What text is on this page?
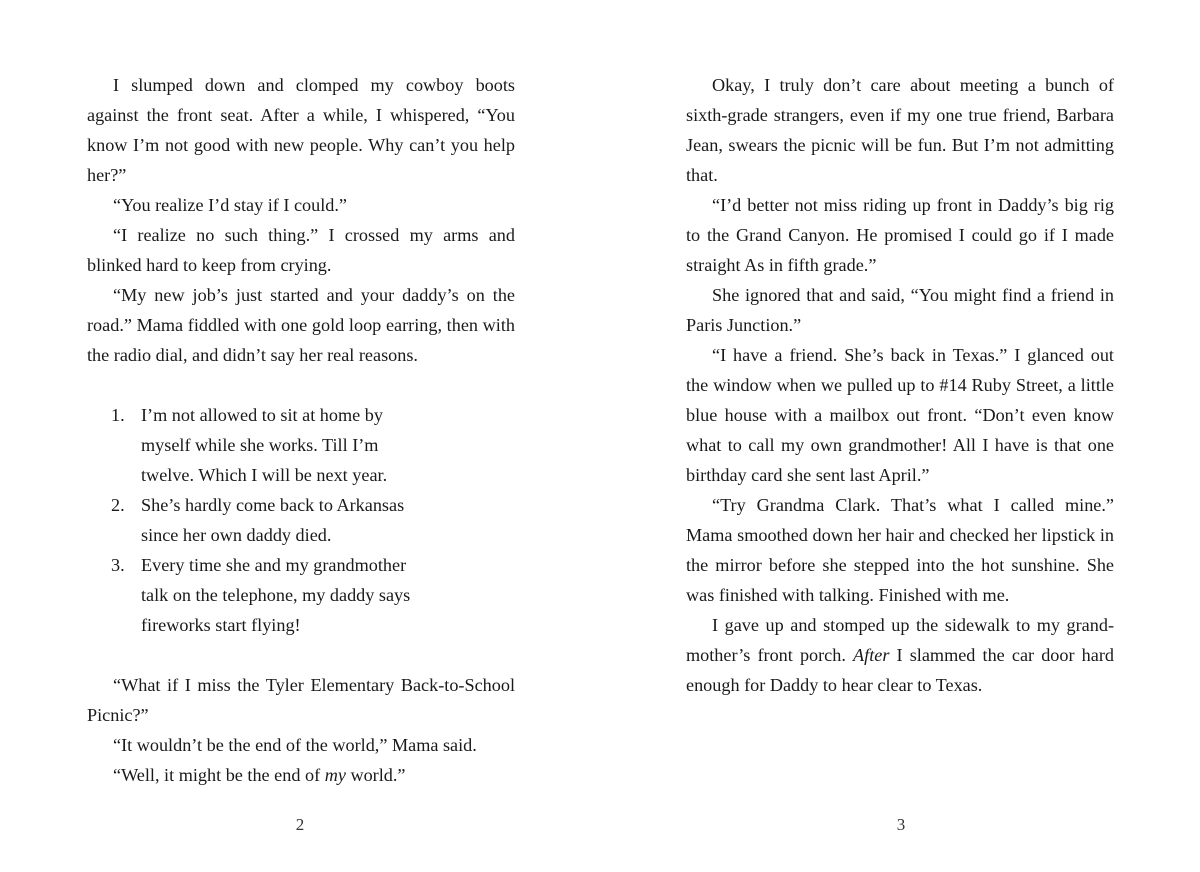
I slumped down and clomped my cowboy boots against the front seat. After a while, I whispered, “You know I’m not good with new people. Why can’t you help her?”

“You realize I’d stay if I could.”

“I realize no such thing.” I crossed my arms and blinked hard to keep from crying.

“My new job’s just started and your daddy’s on the road.” Mama fiddled with one gold loop earring, then with the radio dial, and didn’t say her real reasons.

1. I’m not allowed to sit at home by myself while she works. Till I’m twelve. Which I will be next year.
2. She’s hardly come back to Arkansas since her own daddy died.
3. Every time she and my grandmother talk on the telephone, my daddy says fireworks start flying!

“What if I miss the Tyler Elementary Back-to-School Picnic?”

“It wouldn’t be the end of the world,” Mama said.

“Well, it might be the end of my world.”

2

Okay, I truly don’t care about meeting a bunch of sixth-grade strangers, even if my one true friend, Barbara Jean, swears the picnic will be fun. But I’m not admitting that.

“I’d better not miss riding up front in Daddy’s big rig to the Grand Canyon. He promised I could go if I made straight As in fifth grade.”

She ignored that and said, “You might find a friend in Paris Junction.”

“I have a friend. She’s back in Texas.” I glanced out the window when we pulled up to #14 Ruby Street, a little blue house with a mailbox out front. “Don’t even know what to call my own grandmother! All I have is that one birthday card she sent last April.”

“Try Grandma Clark. That’s what I called mine.” Mama smoothed down her hair and checked her lipstick in the mirror before she stepped into the hot sunshine. She was finished with talking. Finished with me.

I gave up and stomped up the sidewalk to my grandmother’s front porch. After I slammed the car door hard enough for Daddy to hear clear to Texas.

3
